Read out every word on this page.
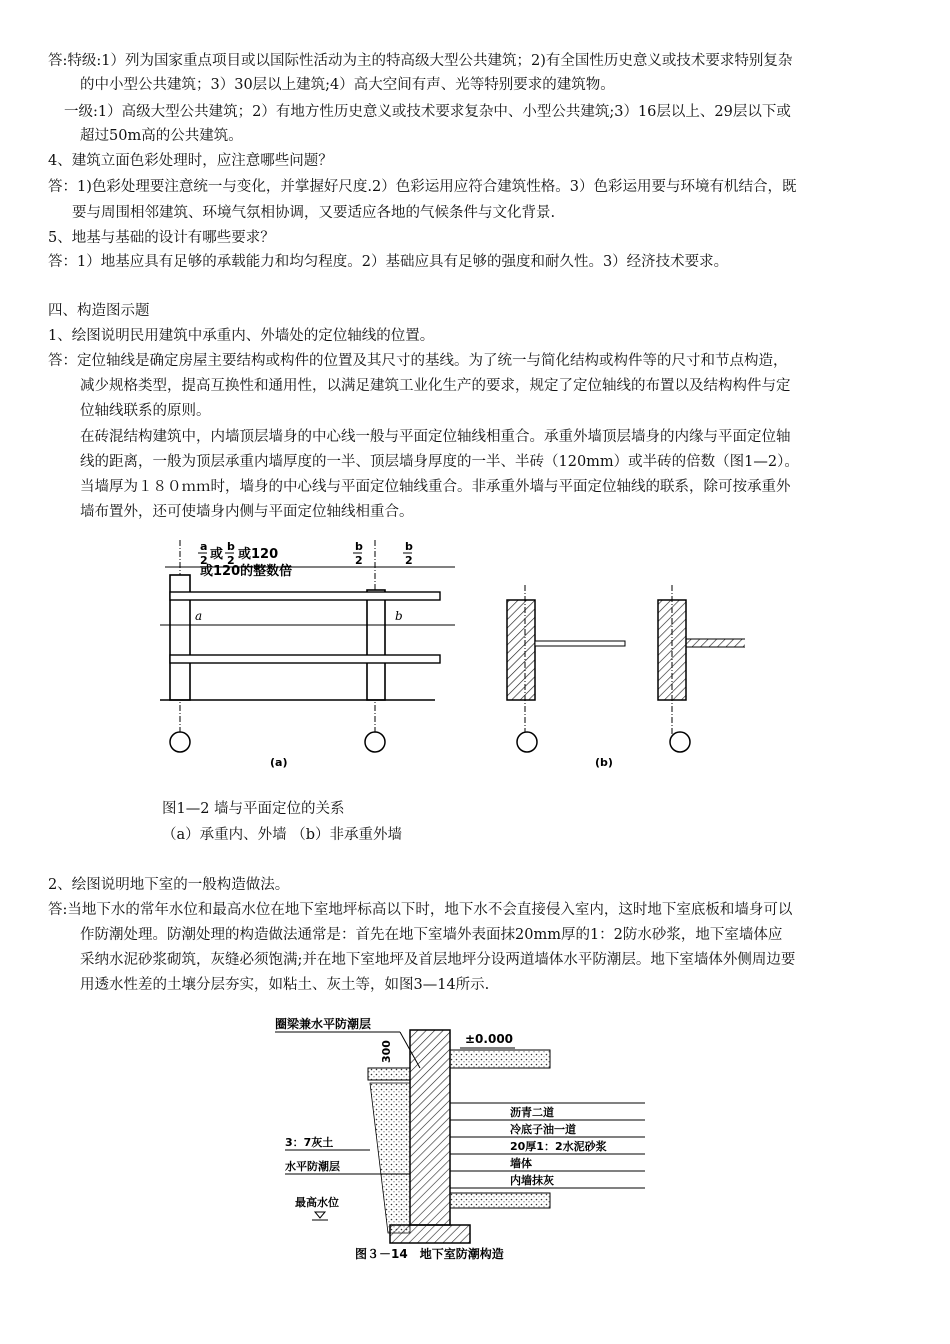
答:特级:1）列为国家重点项目或以国际性活动为主的特高级大型公共建筑；2)有全国性历史意义或技术要求特别复杂
的中小型公共建筑；3）30层以上建筑;4）高大空间有声、光等特别要求的建筑物。
一级:1）高级大型公共建筑；2）有地方性历史意义或技术要求复杂中、小型公共建筑;3）16层以上、29层以下或
超过50m高的公共建筑。
4、建筑立面色彩处理时，应注意哪些问题？
答：1)色彩处理要注意统一与变化，并掌握好尺度.2）色彩运用应符合建筑性格。3）色彩运用要与环境有机结合，既
要与周围相邻建筑、环境气氛相协调，又要适应各地的气候条件与文化背景.
5、地基与基础的设计有哪些要求？
答：1）地基应具有足够的承载能力和均匀程度。2）基础应具有足够的强度和耐久性。3）经济技术要求。
四、构造图示题
1、绘图说明民用建筑中承重内、外墙处的定位轴线的位置。
答：定位轴线是确定房屋主要结构或构件的位置及其尺寸的基线。为了统一与简化结构或构件等的尺寸和节点构造，
减少规格类型，提高互换性和通用性，以满足建筑工业化生产的要求，规定了定位轴线的布置以及结构构件与定
位轴线联系的原则。
在砖混结构建筑中，内墙顶层墙身的中心线一般与平面定位轴线相重合。承重外墙顶层墙身的内缘与平面定位轴
线的距离，一般为顶层承重内墙厚度的一半、顶层墙身厚度的一半、半砖（120mm）或半砖的倍数（图1—2）。
当墙厚为１８０ｍｍ时，墙身的中心线与平面定位轴线重合。非承重外墙与平面定位轴线的联系，除可按承重外
墙布置外，还可使墙身内侧与平面定位轴线相重合。
a
2 或
b
2 或120
或120的整数倍
b
2
b
2
a	b
(a)	(b)
图1—2 墙与平面定位的关系
（a）承重内、外墙 （b）非承重外墙
2、绘图说明地下室的一般构造做法。
答:当地下水的常年水位和最高水位在地下室地坪标高以下时，地下水不会直接侵入室内，这时地下室底板和墙身可以
作防潮处理。防潮处理的构造做法通常是：首先在地下室墙外表面抹20mm厚的1：2防水砂浆，地下室墙体应
采纳水泥砂浆砌筑，灰缝必须饱满;并在地下室地坪及首层地坪分设两道墙体水平防潮层。地下室墙体外侧周边要
用透水性差的土壤分层夯实，如粘土、灰土等，如图3—14所示.
圈梁兼水平防潮层
300
±0.000
沥青二道
冷底子油一道
20厚1：2水泥砂浆
墙体
内墙抹灰
3：7灰土
水平防潮层
最高水位
图３－14　地下室防潮构造
